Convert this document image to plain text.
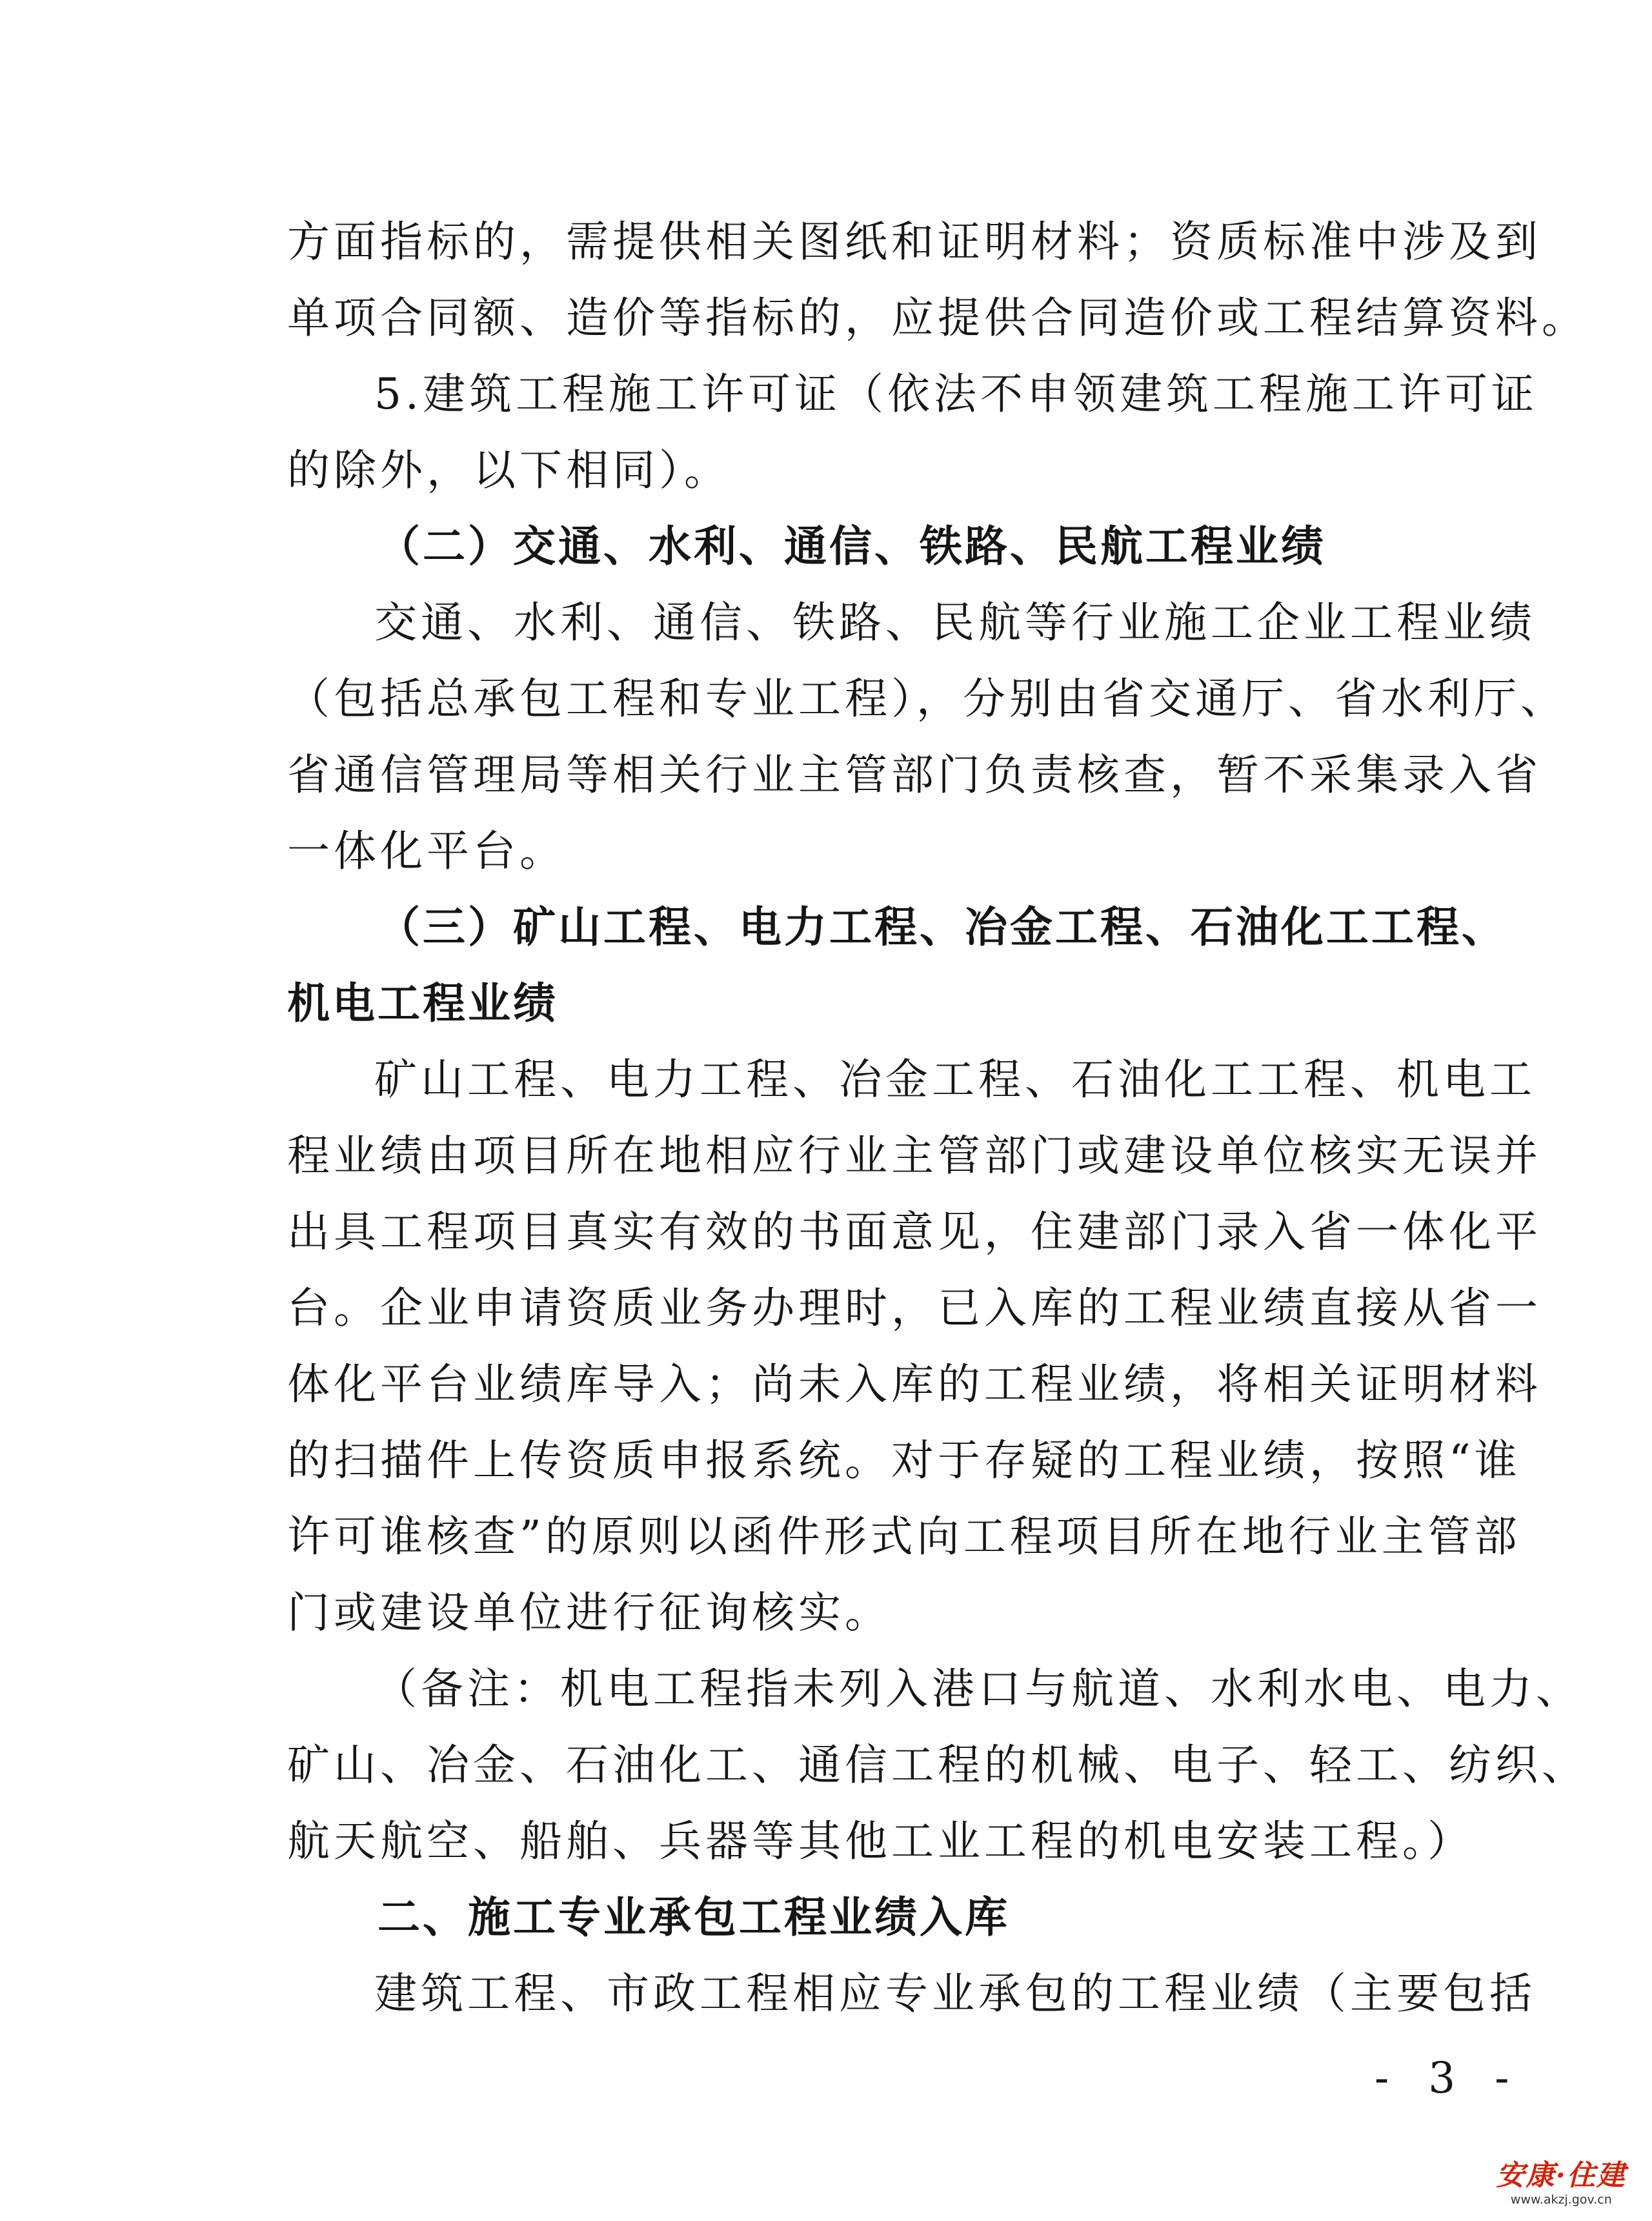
方面指标的，需提供相关图纸和证明材料；资质标准中涉及到
单项合同额、造价等指标的，应提供合同造价或工程结算资料。
5.建筑工程施工许可证（依法不申领建筑工程施工许可证
的除外，以下相同）。
（二）交通、水利、通信、铁路、民航工程业绩
交通、水利、通信、铁路、民航等行业施工企业工程业绩
（包括总承包工程和专业工程），分别由省交通厅、省水利厅、
省通信管理局等相关行业主管部门负责核查，暂不采集录入省
一体化平台。
（三）矿山工程、电力工程、冶金工程、石油化工工程、
机电工程业绩
矿山工程、电力工程、冶金工程、石油化工工程、机电工
程业绩由项目所在地相应行业主管部门或建设单位核实无误并
出具工程项目真实有效的书面意见，住建部门录入省一体化平
台。企业申请资质业务办理时，已入库的工程业绩直接从省一
体化平台业绩库导入；尚未入库的工程业绩，将相关证明材料
的扫描件上传资质申报系统。对于存疑的工程业绩，按照“谁
许可谁核查”的原则以函件形式向工程项目所在地行业主管部
门或建设单位进行征询核实。
（备注：机电工程指未列入港口与航道、水利水电、电力、
矿山、冶金、石油化工、通信工程的机械、电子、轻工、纺织、
航天航空、船舶、兵器等其他工业工程的机电安装工程。）
二、施工专业承包工程业绩入库
建筑工程、市政工程相应专业承包的工程业绩（主要包括
- 3 -
安康·住建
www.akzj.gov.cn
